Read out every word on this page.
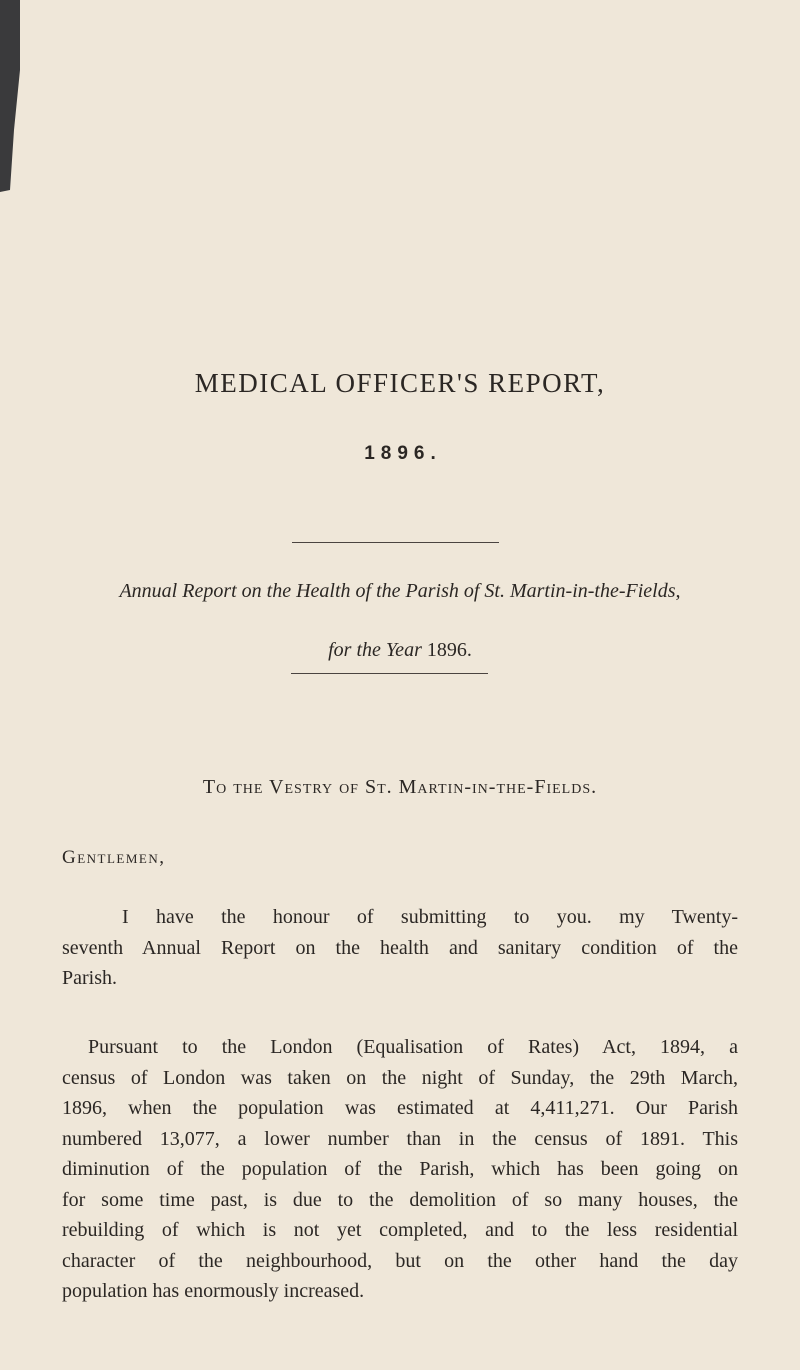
MEDICAL OFFICER'S REPORT,
1896.
Annual Report on the Health of the Parish of St. Martin-in-the-Fields,
for the Year 1896.
To the Vestry of St. Martin-in-the-Fields.
Gentlemen,
I have the honour of submitting to you. my Twenty-
seventh Annual Report on the health and sanitary condition of the
Parish.
Pursuant to the London (Equalisation of Rates) Act, 1894, a
census of London was taken on the night of Sunday, the 29th March,
1896, when the population was estimated at 4,411,271. Our Parish
numbered 13,077, a lower number than in the census of 1891. This
diminution of the population of the Parish, which has been going on
for some time past, is due to the demolition of so many houses, the
rebuilding of which is not yet completed, and to the less residential
character of the neighbourhood, but on the other hand the day
population has enormously increased.
